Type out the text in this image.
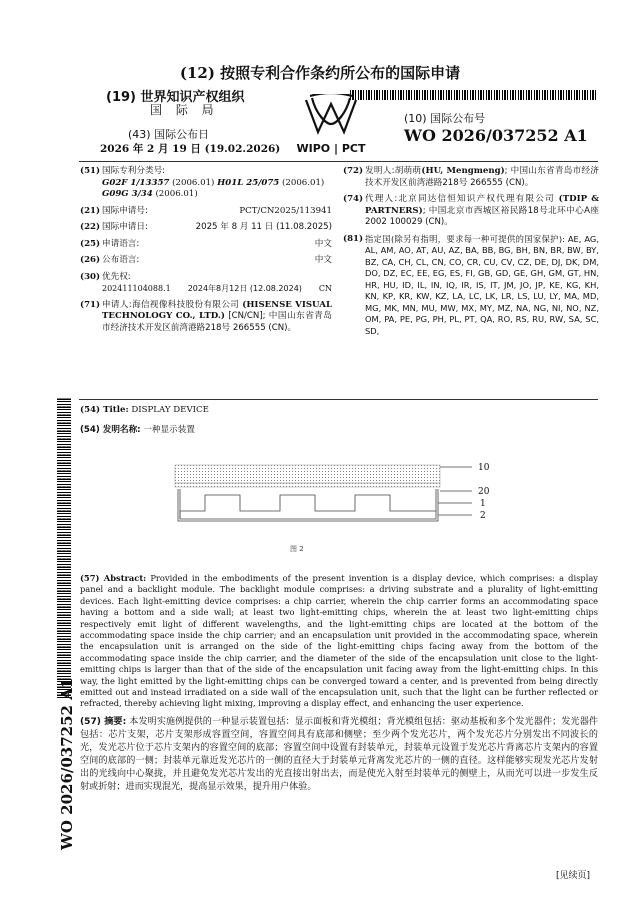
(12) 按照专利合作条约所公布的国际申请
(19) 世界知识产权组织
国 际 局
(10) 国际公布号
WO 2026/037252 A1
(43) 国际公布日
2026 年 2 月 19 日 (19.02.2026) WIPO | PCT
(51) 国际专利分类号:
G02F 1/13357 (2006.01) H01L 25/075 (2006.01)
G09G 3/34 (2006.01)
(21) 国际申请号:	PCT/CN2025/113941
(22) 国际申请日:	2025 年 8 月 11 日 (11.08.2025)
(25) 申请语言:	中文
(26) 公布语言:	中文
(30) 优先权:

202411104088.1 2024年8月12日 (12.08.2024) CN
(71) 申请人:海信视像科技股份有限公司 (HISENSE VISUAL TECHNOLOGY CO., LTD.) [CN/CN]; 中国山东省青岛市经济技术开发区前湾港路218号 266555 (CN)。
(72) 发明人:胡萌萌(HU, Mengmeng); 中国山东省青岛市经济技术开发区前湾港路218号 266555 (CN)。
(74) 代理人:北京同达信恒知识产权代理有限公司 (TDIP & PARTNERS); 中国北京市西城区裕民路18号北环中心A座2002 100029 (CN)。
(81) 指定国(除另有指明，要求每一种可提供的国家保护): AE, AG, AL, AM, AO, AT, AU, AZ, BA, BB, BG, BH, BN, BR, BW, BY, BZ, CA, CH, CL, CN, CO, CR, CU, CV, CZ, DE, DJ, DK, DM, DO, DZ, EC, EE, EG, ES, FI, GB, GD, GE, GH, GM, GT, HN, HR, HU, ID, IL, IN, IQ, IR, IS, IT, JM, JO, JP, KE, KG, KH, KN, KP, KR, KW, KZ, LA, LC, LK, LR, LS, LU, LY, MA, MD, MG, MK, MN, MU, MW, MX, MY, MZ, NA, NG, NI, NO, NZ, OM, PA, PE, PG, PH, PL, PT, QA, RO, RS, RU, RW, SA, SC, SD,
WO 2026/037252 A1
(54) Title: DISPLAY DEVICE
(54) 发明名称: 一种显示装置
10
20
1
2
图 2
(57) Abstract: Provided in the embodiments of the present invention is a display device, which comprises: a display panel and a backlight module. The backlight module comprises: a driving substrate and a plurality of light-emitting devices. Each light-emitting device comprises: a chip carrier, wherein the chip carrier forms an accommodating space having a bottom and a side wall; at least two light-emitting chips, wherein the at least two light-emitting chips respectively emit light of different wavelengths, and the light-emitting chips are located at the bottom of the accommodating space inside the chip carrier; and an encapsulation unit provided in the accommodating space, wherein the encapsulation unit is arranged on the side of the light-emitting chips facing away from the bottom of the accommodating space inside the chip carrier, and the diameter of the side of the encapsulation unit close to the light-emitting chips is larger than that of the side of the encapsulation unit facing away from the light-emitting chips. In this way, the light emitted by the light-emitting chips can be converged toward a center, and is prevented from being directly emitted out and instead irradiated on a side wall of the encapsulation unit, such that the light can be further reflected or refracted, thereby achieving light mixing, improving a display effect, and enhancing the user experience.
(57) 摘要: 本发明实施例提供的一种显示装置包括：显示面板和背光模组；背光模组包括：驱动基板和多个发光器件；发光器件包括：芯片支架，芯片支架形成容置空间，容置空间具有底部和侧壁；至少两个发光芯片，两个发光芯片分别发出不同波长的光，发光芯片位于芯片支架内的容置空间的底部；容置空间中设置有封装单元，封装单元设置于发光芯片背离芯片支架内的容置空间的底部的一侧；封装单元靠近发光芯片的一侧的直径大于封装单元背离发光芯片的一侧的直径。这样能够实现发光芯片发射出的光线向中心聚拢，并且避免发光芯片发出的光直接出射出去，而是使光入射至封装单元的侧壁上，从而光可以进一步发生反射或折射；进而实现混光，提高显示效果，提升用户体验。
[见续页]
